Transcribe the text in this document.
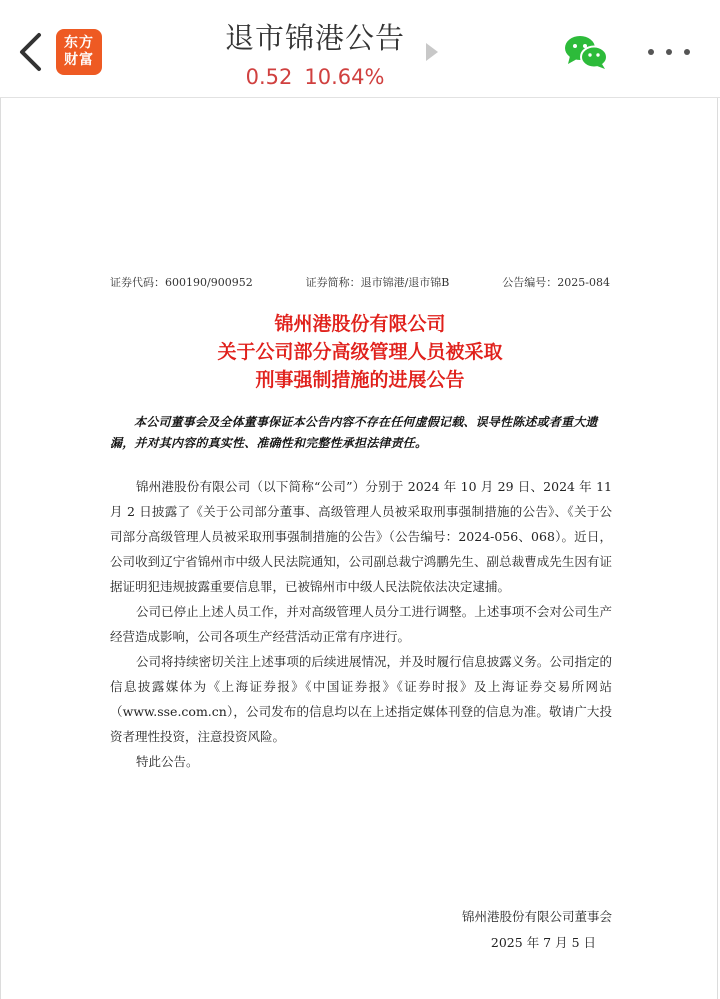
东方
财富
退市锦港公告
0.52 10.64%
证券代码：600190/900952	证券简称：退市锦港/退市锦B	公告编号：2025-084
锦州港股份有限公司
关于公司部分高级管理人员被采取
刑事强制措施的进展公告
本公司董事会及全体董事保证本公告内容不存在任何虚假记载、误导性陈述或者重大遗漏，并对其内容的真实性、准确性和完整性承担法律责任。

锦州港股份有限公司（以下简称“公司”）分别于 2024 年 10 月 29 日、2024 年 11 月 2 日披露了《关于公司部分董事、高级管理人员被采取刑事强制措施的公告》、《关于公司部分高级管理人员被采取刑事强制措施的公告》（公告编号：2024-056、068）。近日，公司收到辽宁省锦州市中级人民法院通知，公司副总裁宁鸿鹏先生、副总裁曹成先生因有证据证明犯违规披露重要信息罪，已被锦州市中级人民法院依法决定逮捕。

公司已停止上述人员工作，并对高级管理人员分工进行调整。上述事项不会对公司生产经营造成影响，公司各项生产经营活动正常有序进行。

公司将持续密切关注上述事项的后续进展情况，并及时履行信息披露义务。公司指定的信息披露媒体为《上海证券报》《中国证券报》《证券时报》及上海证券交易所网站（www.sse.com.cn），公司发布的信息均以在上述指定媒体刊登的信息为准。敬请广大投资者理性投资，注意投资风险。

特此公告。

锦州港股份有限公司董事会
2025 年 7 月 5 日
